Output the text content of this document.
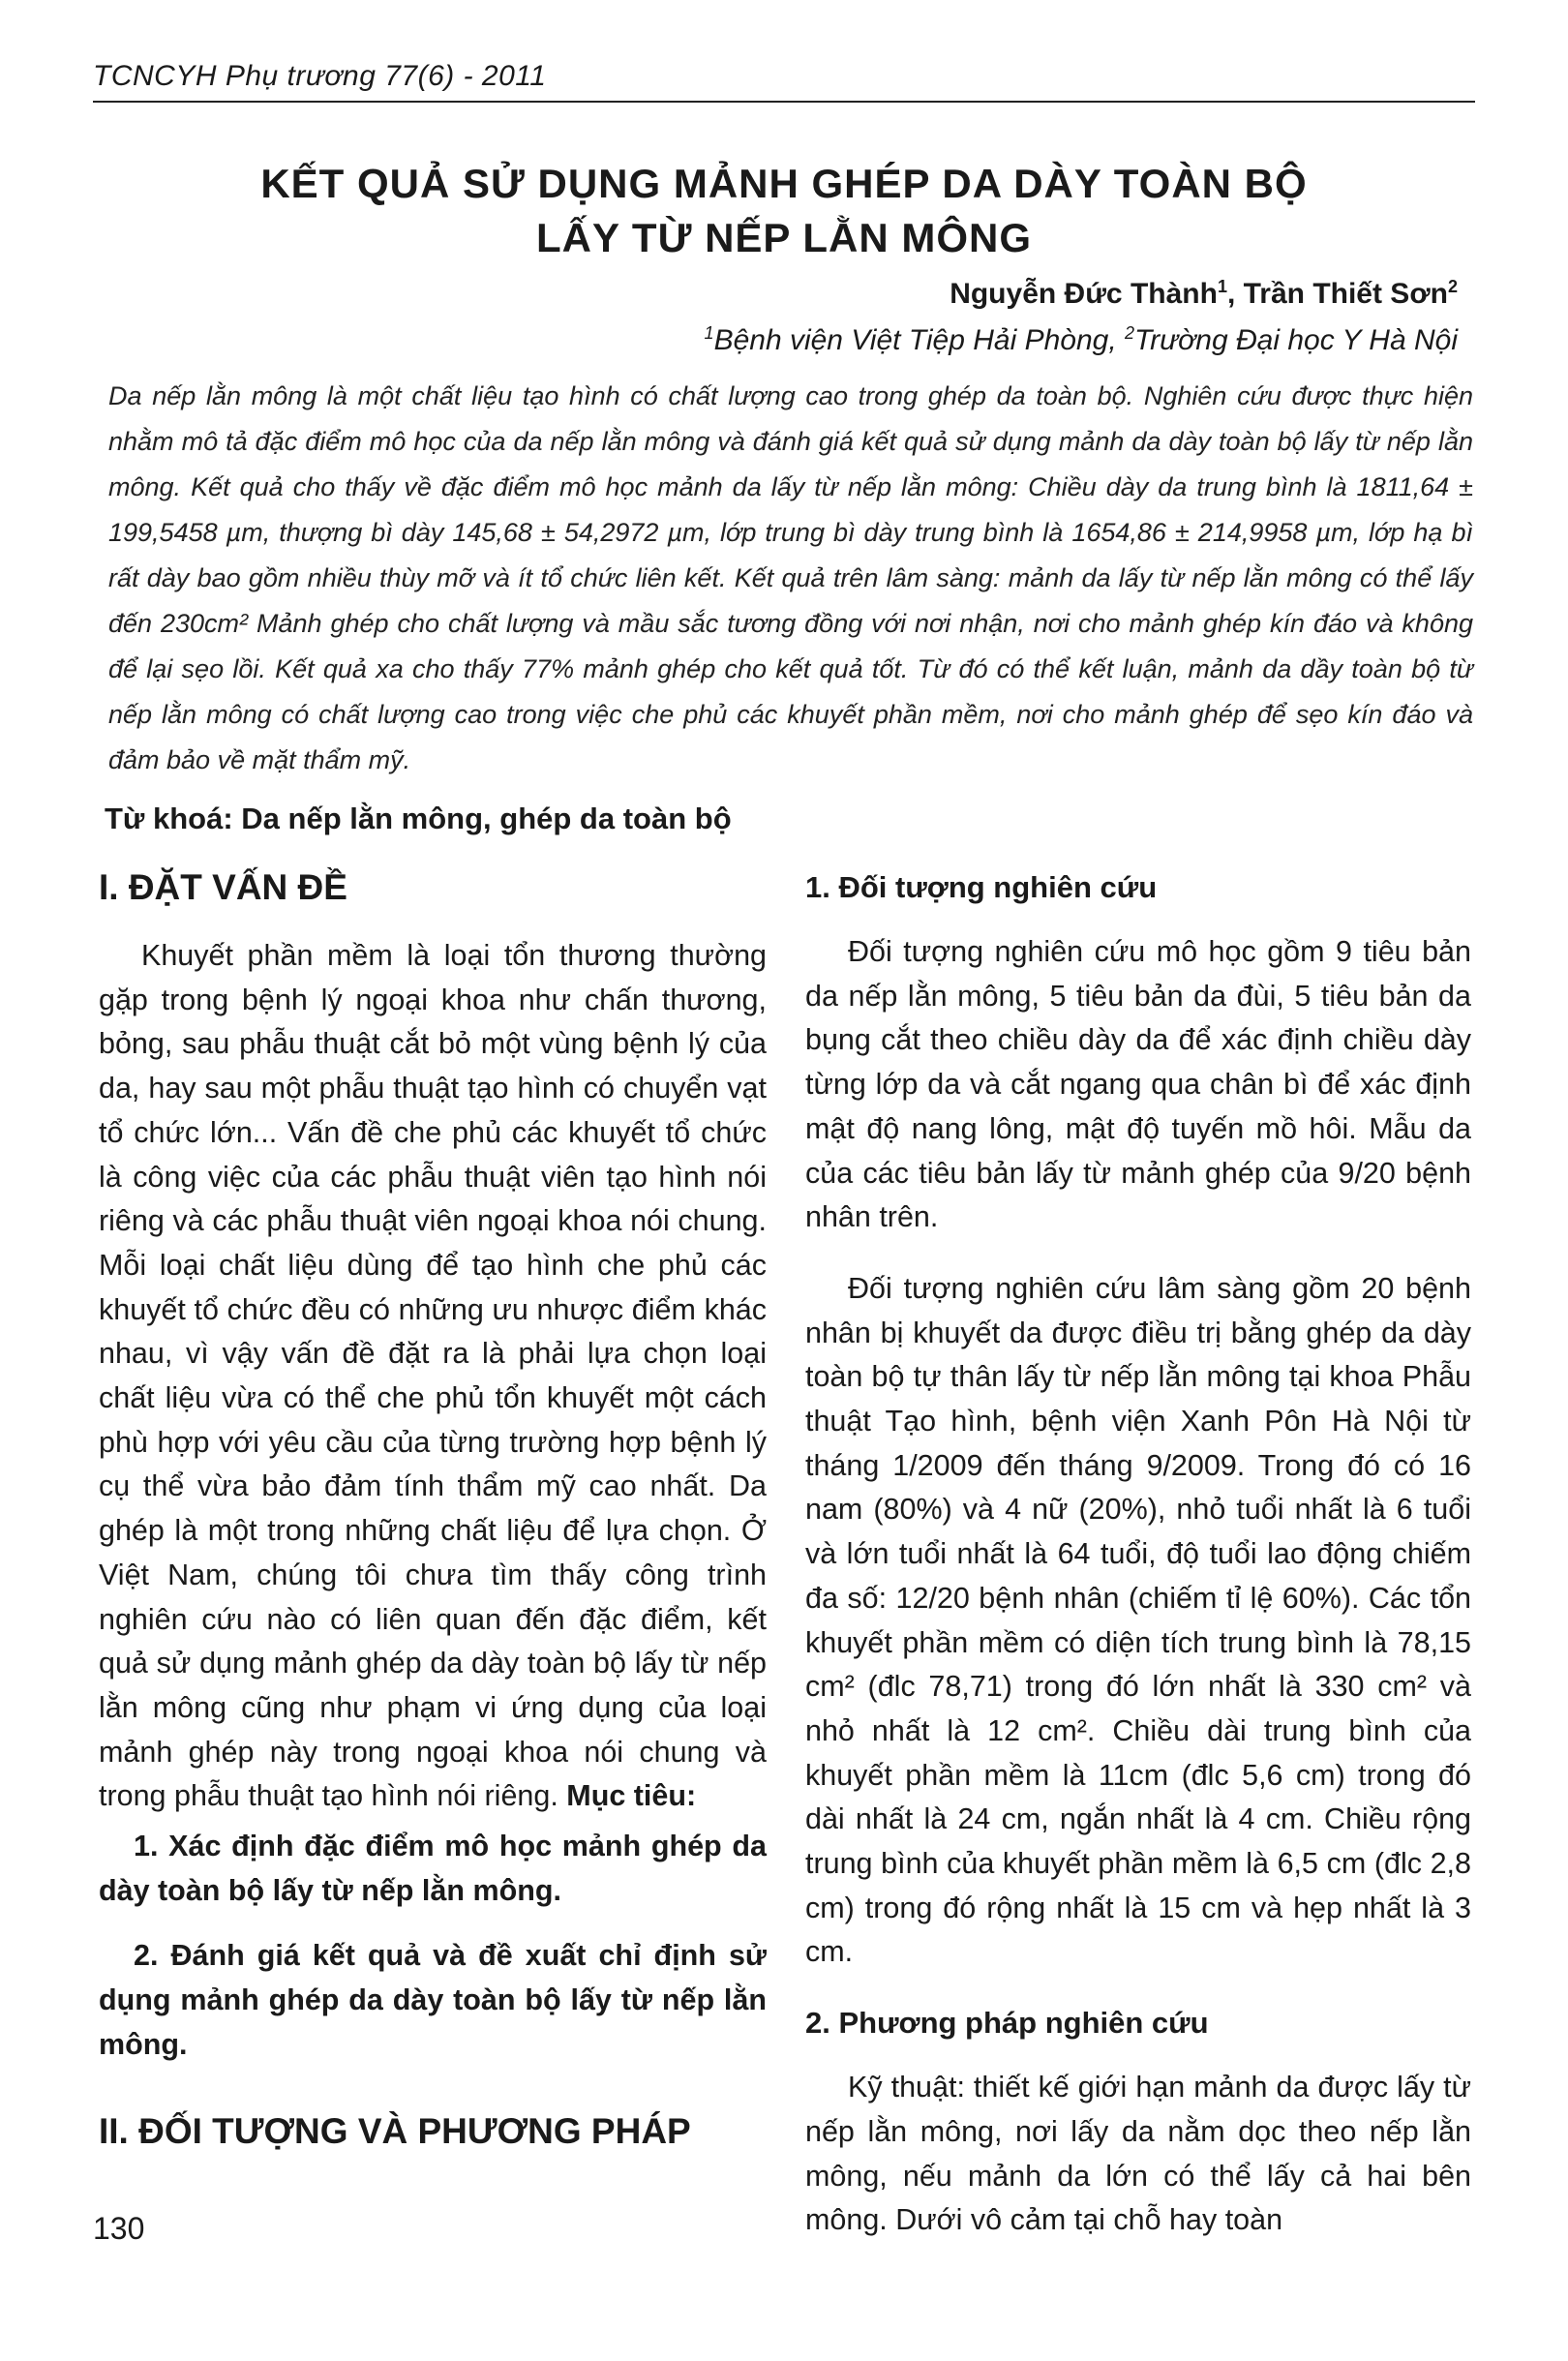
TCNCYH Phụ trương 77(6) - 2011
KẾT QUẢ SỬ DỤNG MẢNH GHÉP DA DÀY TOÀN BỘ
LẤY TỪ NẾP LẰN MÔNG
Nguyễn Đức Thành$^1$, Trần Thiết Sơn$^2$
$^1$Bệnh viện Việt Tiệp Hải Phòng, $^2$Trường Đại học Y Hà Nội
Da nếp lằn mông là một chất liệu tạo hình có chất lượng cao trong ghép da toàn bộ. Nghiên cứu được thực hiện nhằm mô tả đặc điểm mô học của da nếp lằn mông và đánh giá kết quả sử dụng mảnh da dày toàn bộ lấy từ nếp lằn mông. Kết quả cho thấy về đặc điểm mô học mảnh da lấy từ nếp lằn mông: Chiều dày da trung bình là 1811,64 ± 199,5458 µm, thượng bì dày 145,68 ± 54,2972 µm, lớp trung bì dày trung bình là 1654,86 ± 214,9958 µm, lớp hạ bì rất dày bao gồm nhiều thùy mỡ và ít tổ chức liên kết. Kết quả trên lâm sàng: mảnh da lấy từ nếp lằn mông có thể lấy đến 230cm² Mảnh ghép cho chất lượng và mầu sắc tương đồng với nơi nhận, nơi cho mảnh ghép kín đáo và không để lại sẹo lồi. Kết quả xa cho thấy 77% mảnh ghép cho kết quả tốt. Từ đó có thể kết luận, mảnh da dầy toàn bộ từ nếp lằn mông có chất lượng cao trong việc che phủ các khuyết phần mềm, nơi cho mảnh ghép để sẹo kín đáo và đảm bảo về mặt thẩm mỹ.
Từ khoá: Da nếp lằn mông, ghép da toàn bộ
I. ĐẶT VẤN ĐỀ

Khuyết phần mềm là loại tổn thương thường gặp trong bệnh lý ngoại khoa như chấn thương, bỏng, sau phẫu thuật cắt bỏ một vùng bệnh lý của da, hay sau một phẫu thuật tạo hình có chuyển vạt tổ chức lớn... Vấn đề che phủ các khuyết tổ chức là công việc của các phẫu thuật viên tạo hình nói riêng và các phẫu thuật viên ngoại khoa nói chung. Mỗi loại chất liệu dùng để tạo hình che phủ các khuyết tổ chức đều có những ưu nhược điểm khác nhau, vì vậy vấn đề đặt ra là phải lựa chọn loại chất liệu vừa có thể che phủ tổn khuyết một cách phù hợp với yêu cầu của từng trường hợp bệnh lý cụ thể vừa bảo đảm tính thẩm mỹ cao nhất. Da ghép là một trong những chất liệu để lựa chọn. Ở Việt Nam, chúng tôi chưa tìm thấy công trình nghiên cứu nào có liên quan đến đặc điểm, kết quả sử dụng mảnh ghép da dày toàn bộ lấy từ nếp lằn mông cũng như phạm vi ứng dụng của loại mảnh ghép này trong ngoại khoa nói chung và trong phẫu thuật tạo hình nói riêng. Mục tiêu:

1. Xác định đặc điểm mô học mảnh ghép da dày toàn bộ lấy từ nếp lằn mông.

2. Đánh giá kết quả và đề xuất chỉ định sử dụng mảnh ghép da dày toàn bộ lấy từ nếp lằn mông.

II. ĐỐI TƯỢNG VÀ PHƯƠNG PHÁP
1. Đối tượng nghiên cứu

Đối tượng nghiên cứu mô học gồm 9 tiêu bản da nếp lằn mông, 5 tiêu bản da đùi, 5 tiêu bản da bụng cắt theo chiều dày da để xác định chiều dày từng lớp da và cắt ngang qua chân bì để xác định mật độ nang lông, mật độ tuyến mồ hôi. Mẫu da của các tiêu bản lấy từ mảnh ghép của 9/20 bệnh nhân trên.

Đối tượng nghiên cứu lâm sàng gồm 20 bệnh nhân bị khuyết da được điều trị bằng ghép da dày toàn bộ tự thân lấy từ nếp lằn mông tại khoa Phẫu thuật Tạo hình, bệnh viện Xanh Pôn Hà Nội từ tháng 1/2009 đến tháng 9/2009. Trong đó có 16 nam (80%) và 4 nữ (20%), nhỏ tuổi nhất là 6 tuổi và lớn tuổi nhất là 64 tuổi, độ tuổi lao động chiếm đa số: 12/20 bệnh nhân (chiếm tỉ lệ 60%). Các tổn khuyết phần mềm có diện tích trung bình là 78,15 cm² (đlc 78,71) trong đó lớn nhất là 330 cm² và nhỏ nhất là 12 cm². Chiều dài trung bình của khuyết phần mềm là 11cm (đlc 5,6 cm) trong đó dài nhất là 24 cm, ngắn nhất là 4 cm. Chiều rộng trung bình của khuyết phần mềm là 6,5 cm (đlc 2,8 cm) trong đó rộng nhất là 15 cm và hẹp nhất là 3 cm.

2. Phương pháp nghiên cứu

Kỹ thuật: thiết kế giới hạn mảnh da được lấy từ nếp lằn mông, nơi lấy da nằm dọc theo nếp lằn mông, nếu mảnh da lớn có thể lấy cả hai bên mông. Dưới vô cảm tại chỗ hay toàn

130
